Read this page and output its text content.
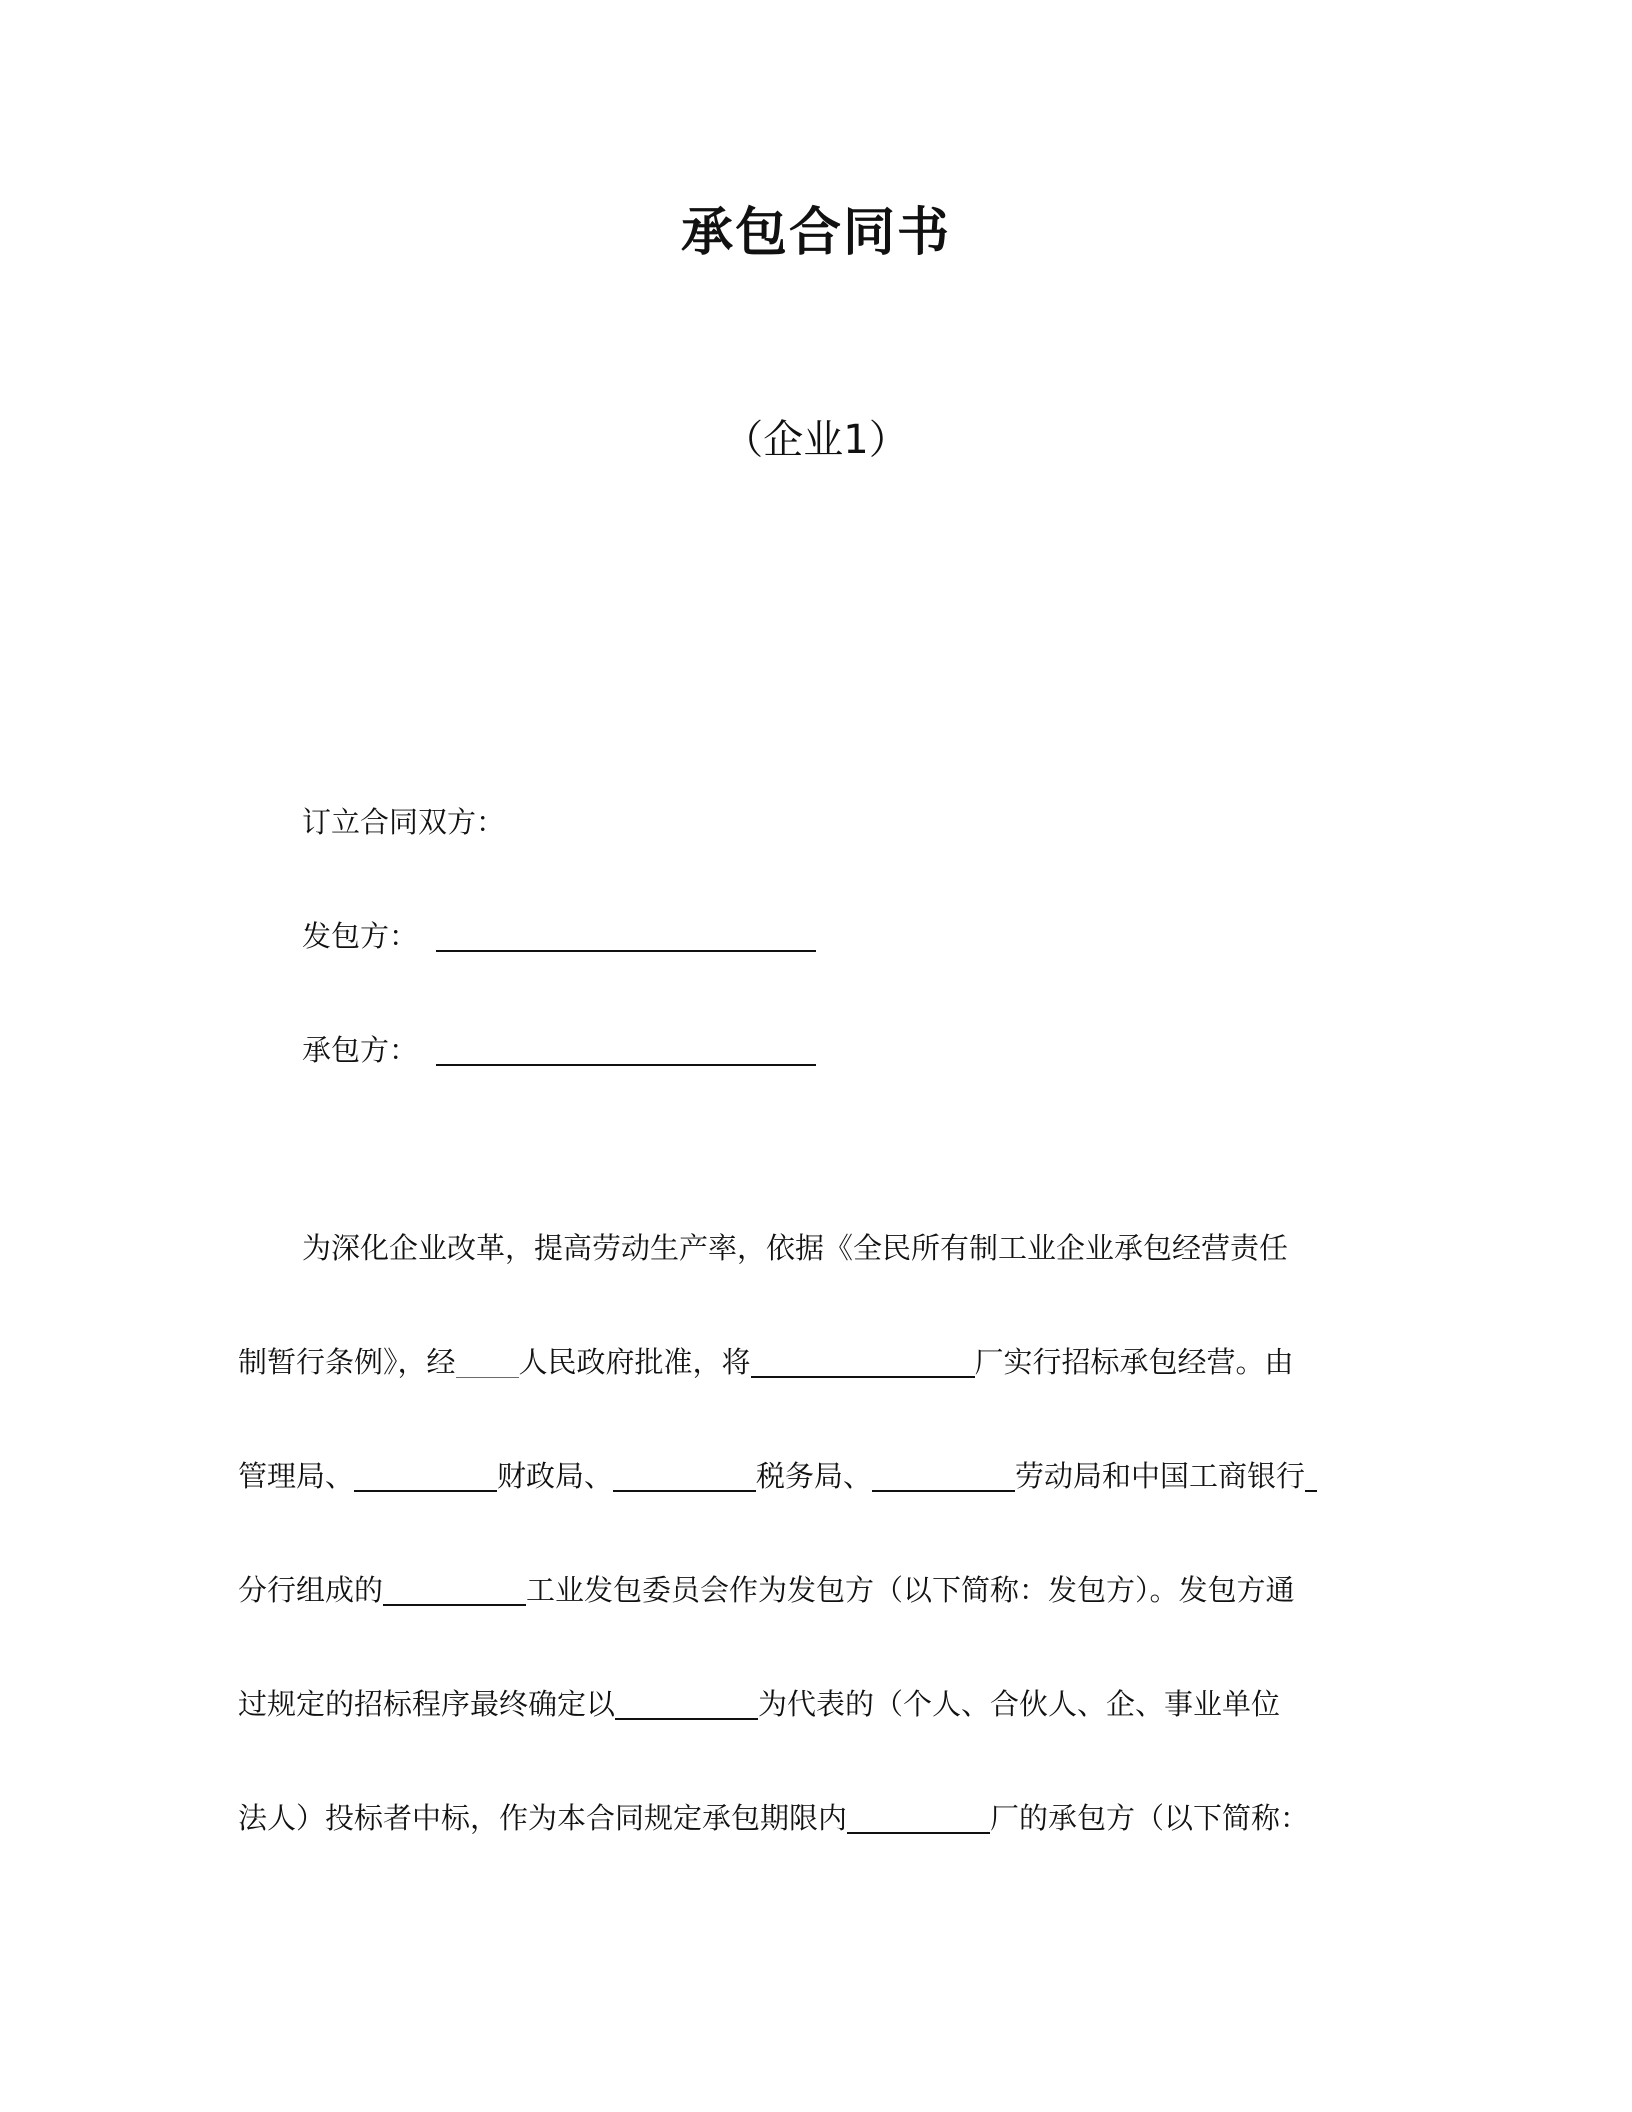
承包合同书
（企业1）
订立合同双方：
发包方：
承包方：
为深化企业改革，提高劳动生产率，依据《全民所有制工业企业承包经营责任
制暂行条例》，经 人民政府批准，将	厂实行招标承包经营。由
管理局、	财政局、	税务局、	劳动局和中国工商银行
分行组成的	工业发包委员会作为发包方（以下简称：发包方）。发包方通
过规定的招标程序最终确定以	为代表的（个人、合伙人、企、事业单位
法人）投标者中标，作为本合同规定承包期限内	厂的承包方（以下简称：
